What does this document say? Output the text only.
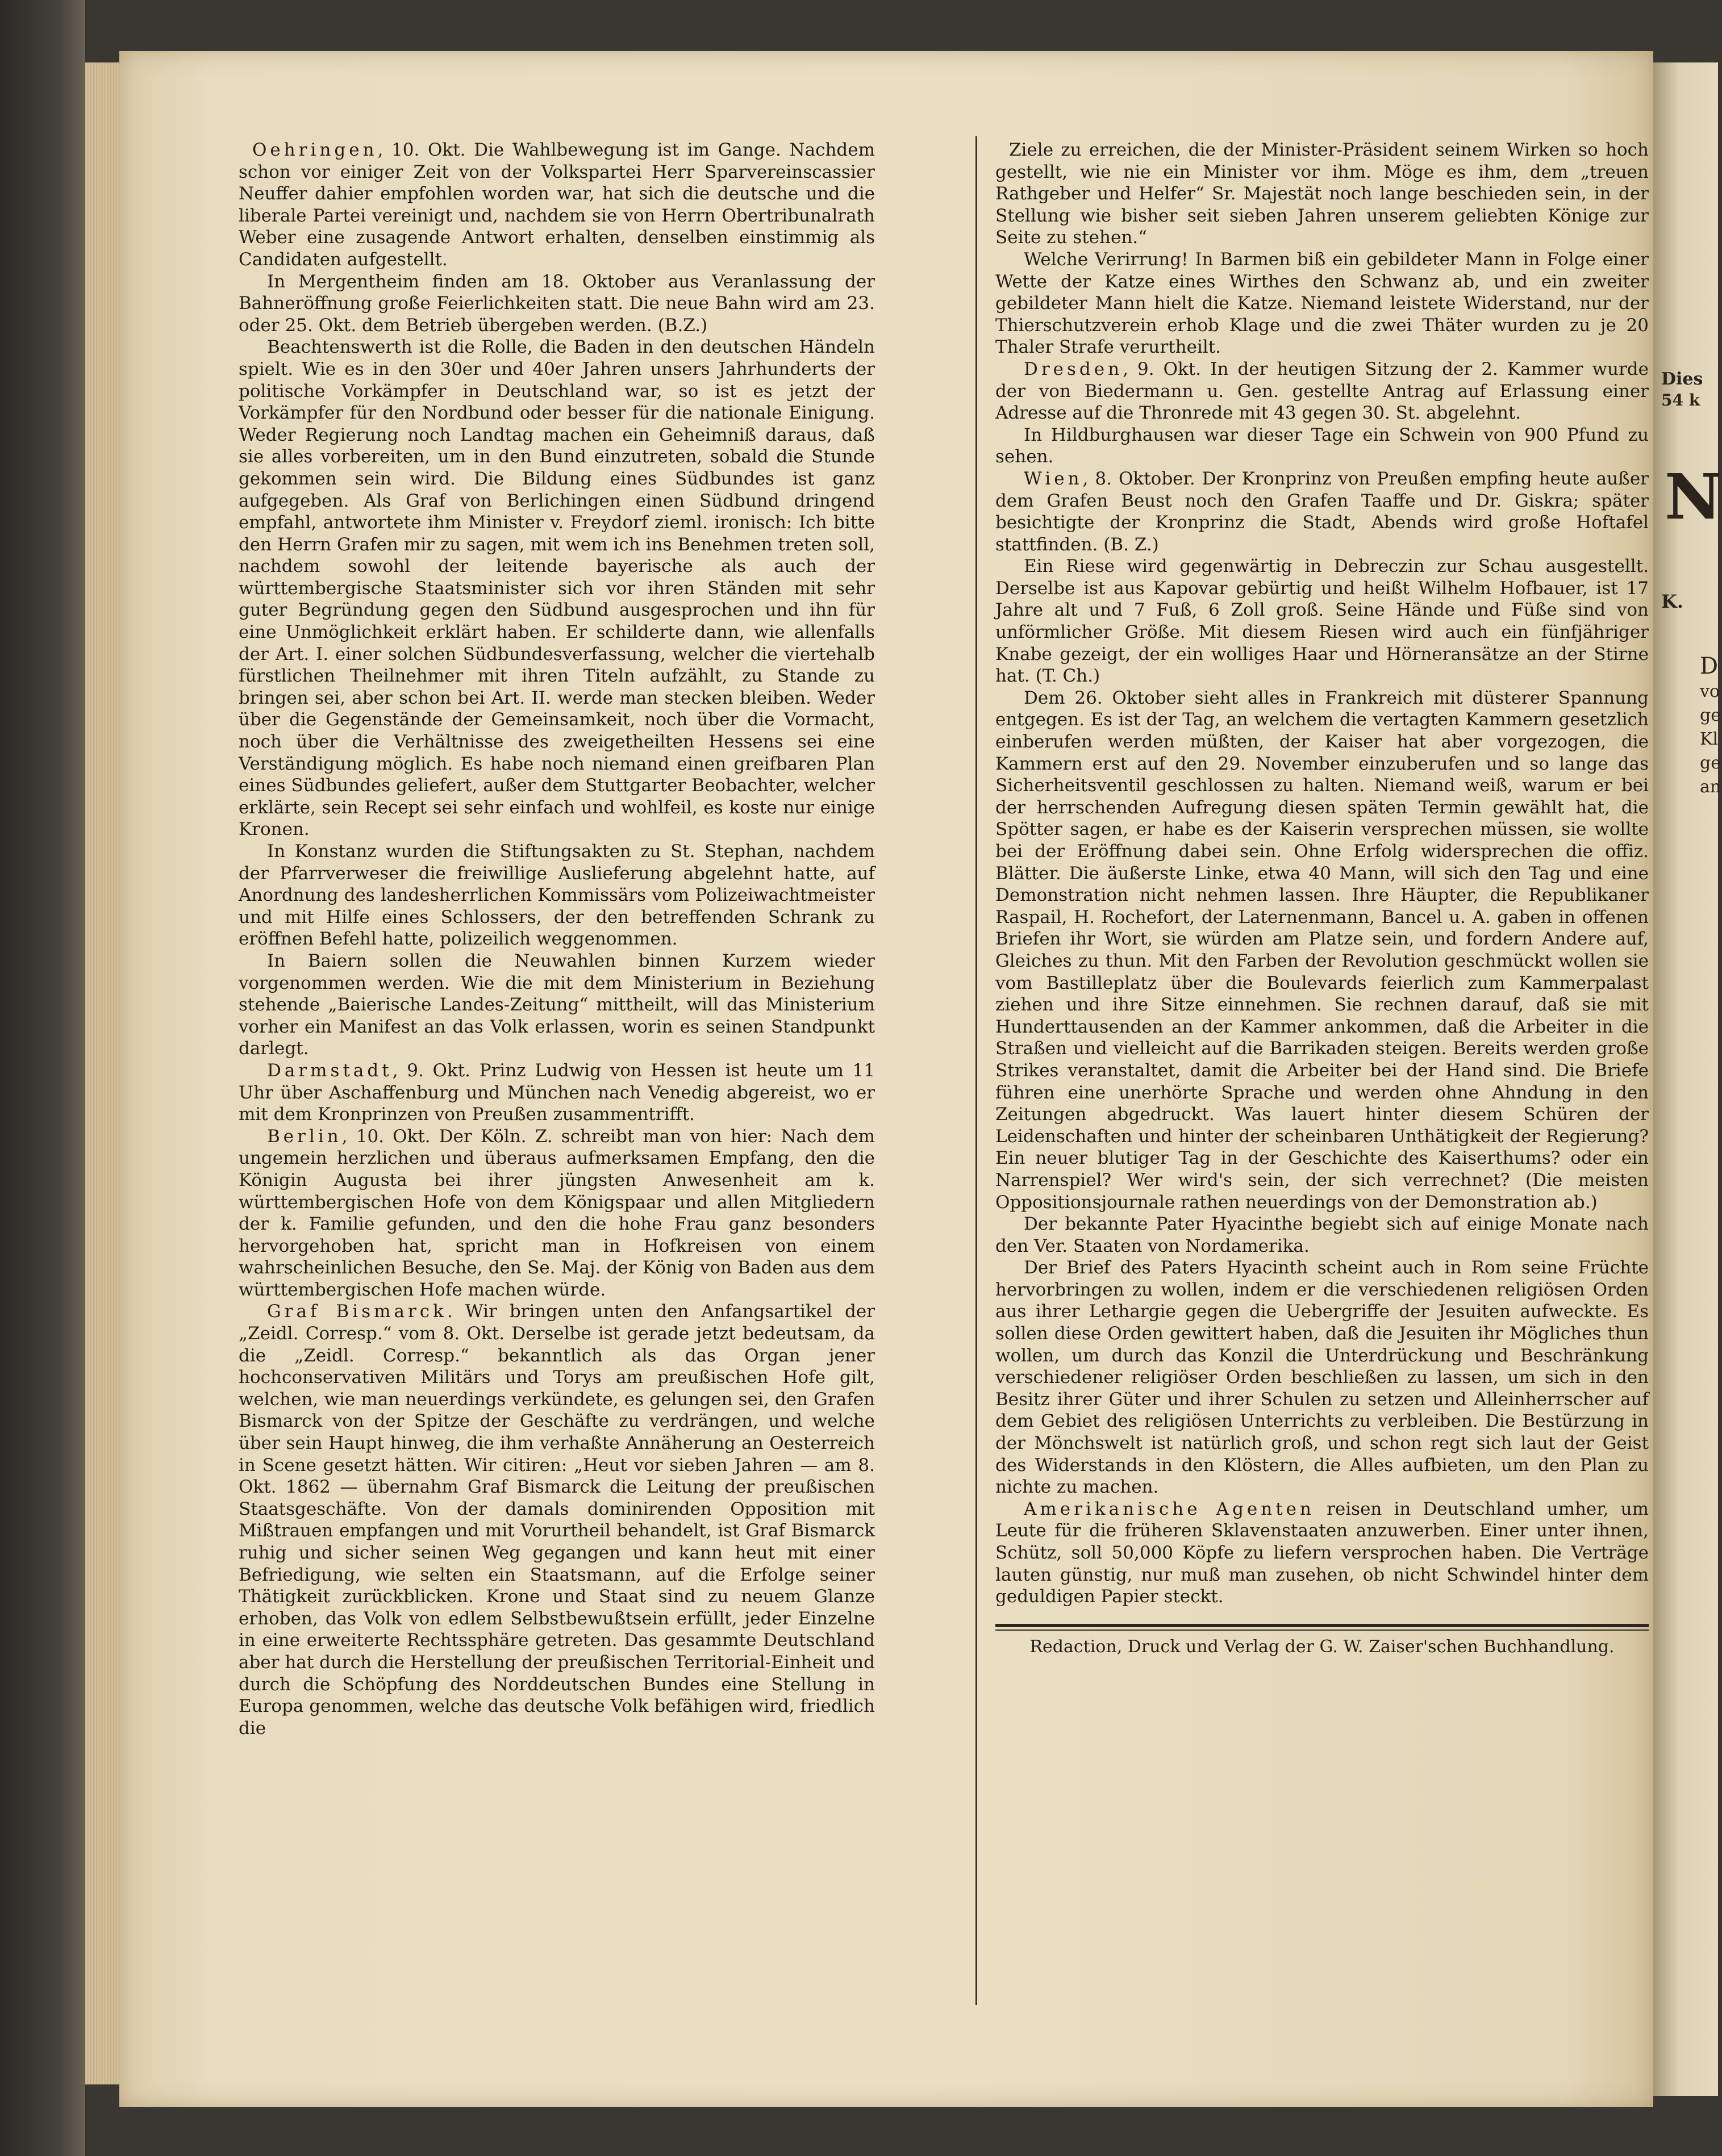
Oehringen, 10. Okt. Die Wahlbewegung ist im Gange. Nachdem schon vor einiger Zeit von der Volkspartei Herr Sparvereinscassier Neuffer dahier empfohlen worden war, hat sich die deutsche und die liberale Partei vereinigt und, nachdem sie von Herrn Obertribunalrath Weber eine zusagende Antwort erhalten, denselben einstimmig als Candidaten aufgestellt.

In Mergentheim finden am 18. Oktober aus Veranlassung der Bahneröffnung große Feierlichkeiten statt. Die neue Bahn wird am 23. oder 25. Okt. dem Betrieb übergeben werden. (B.Z.)

Beachtenswerth ist die Rolle, die Baden in den deutschen Händeln spielt. Wie es in den 30er und 40er Jahren unsers Jahrhunderts der politische Vorkämpfer in Deutschland war, so ist es jetzt der Vorkämpfer für den Nordbund oder besser für die nationale Einigung. Weder Regierung noch Landtag machen ein Geheimniß daraus, daß sie alles vorbereiten, um in den Bund einzutreten, sobald die Stunde gekommen sein wird. Die Bildung eines Südbundes ist ganz aufgegeben. Als Graf von Berlichingen einen Südbund dringend empfahl, antwortete ihm Minister v. Freydorf zieml. ironisch: Ich bitte den Herrn Grafen mir zu sagen, mit wem ich ins Benehmen treten soll, nachdem sowohl der leitende bayerische als auch der württembergische Staatsminister sich vor ihren Ständen mit sehr guter Begründung gegen den Südbund ausgesprochen und ihn für eine Unmöglichkeit erklärt haben. Er schilderte dann, wie allenfalls der Art. I. einer solchen Südbundesverfassung, welcher die viertehalb fürstlichen Theilnehmer mit ihren Titeln aufzählt, zu Stande zu bringen sei, aber schon bei Art. II. werde man stecken bleiben. Weder über die Gegenstände der Gemeinsamkeit, noch über die Vormacht, noch über die Verhältnisse des zweigetheilten Hessens sei eine Verständigung möglich. Es habe noch niemand einen greifbaren Plan eines Südbundes geliefert, außer dem Stuttgarter Beobachter, welcher erklärte, sein Recept sei sehr einfach und wohlfeil, es koste nur einige Kronen.

In Konstanz wurden die Stiftungsakten zu St. Stephan, nachdem der Pfarrverweser die freiwillige Auslieferung abgelehnt hatte, auf Anordnung des landesherrlichen Kommissärs vom Polizeiwachtmeister und mit Hilfe eines Schlossers, der den betreffenden Schrank zu eröffnen Befehl hatte, polizeilich weggenommen.

In Baiern sollen die Neuwahlen binnen Kurzem wieder vorgenommen werden. Wie die mit dem Ministerium in Beziehung stehende „Baierische Landes-Zeitung“ mittheilt, will das Ministerium vorher ein Manifest an das Volk erlassen, worin es seinen Standpunkt darlegt.

Darmstadt, 9. Okt. Prinz Ludwig von Hessen ist heute um 11 Uhr über Aschaffenburg und München nach Venedig abgereist, wo er mit dem Kronprinzen von Preußen zusammentrifft.

Berlin, 10. Okt. Der Köln. Z. schreibt man von hier: Nach dem ungemein herzlichen und überaus aufmerksamen Empfang, den die Königin Augusta bei ihrer jüngsten Anwesenheit am k. württembergischen Hofe von dem Königspaar und allen Mitgliedern der k. Familie gefunden, und den die hohe Frau ganz besonders hervorgehoben hat, spricht man in Hofkreisen von einem wahrscheinlichen Besuche, den Se. Maj. der König von Baden aus dem württembergischen Hofe machen würde.

Graf Bismarck. Wir bringen unten den Anfangsartikel der „Zeidl. Corresp.“ vom 8. Okt. Derselbe ist gerade jetzt bedeutsam, da die „Zeidl. Corresp.“ bekanntlich als das Organ jener hochconservativen Militärs und Torys am preußischen Hofe gilt, welchen, wie man neuerdings verkündete, es gelungen sei, den Grafen Bismarck von der Spitze der Geschäfte zu verdrängen, und welche über sein Haupt hinweg, die ihm verhaßte Annäherung an Oesterreich in Scene gesetzt hätten. Wir citiren: „Heut vor sieben Jahren — am 8. Okt. 1862 — übernahm Graf Bismarck die Leitung der preußischen Staatsgeschäfte. Von der damals dominirenden Opposition mit Mißtrauen empfangen und mit Vorurtheil behandelt, ist Graf Bismarck ruhig und sicher seinen Weg gegangen und kann heut mit einer Befriedigung, wie selten ein Staatsmann, auf die Erfolge seiner Thätigkeit zurückblicken. Krone und Staat sind zu neuem Glanze erhoben, das Volk von edlem Selbstbewußtsein erfüllt, jeder Einzelne in eine erweiterte Rechtssphäre getreten. Das gesammte Deutschland aber hat durch die Herstellung der preußischen Territorial-Einheit und durch die Schöpfung des Norddeutschen Bundes eine Stellung in Europa genommen, welche das deutsche Volk befähigen wird, friedlich die

Ziele zu erreichen, die der Minister-Präsident seinem Wirken so hoch gestellt, wie nie ein Minister vor ihm. Möge es ihm, dem „treuen Rathgeber und Helfer“ Sr. Majestät noch lange beschieden sein, in der Stellung wie bisher seit sieben Jahren unserem geliebten Könige zur Seite zu stehen.“

Welche Verirrung! In Barmen biß ein gebildeter Mann in Folge einer Wette der Katze eines Wirthes den Schwanz ab, und ein zweiter gebildeter Mann hielt die Katze. Niemand leistete Widerstand, nur der Thierschutzverein erhob Klage und die zwei Thäter wurden zu je 20 Thaler Strafe verurtheilt.

Dresden, 9. Okt. In der heutigen Sitzung der 2. Kammer wurde der von Biedermann u. Gen. gestellte Antrag auf Erlassung einer Adresse auf die Thronrede mit 43 gegen 30. St. abgelehnt.

In Hildburghausen war dieser Tage ein Schwein von 900 Pfund zu sehen.

Wien, 8. Oktober. Der Kronprinz von Preußen empfing heute außer dem Grafen Beust noch den Grafen Taaffe und Dr. Giskra; später besichtigte der Kronprinz die Stadt, Abends wird große Hoftafel stattfinden. (B. Z.)

Ein Riese wird gegenwärtig in Debreczin zur Schau ausgestellt. Derselbe ist aus Kapovar gebürtig und heißt Wilhelm Hofbauer, ist 17 Jahre alt und 7 Fuß, 6 Zoll groß. Seine Hände und Füße sind von unförmlicher Größe. Mit diesem Riesen wird auch ein fünfjähriger Knabe gezeigt, der ein wolliges Haar und Hörneransätze an der Stirne hat. (T. Ch.)

Dem 26. Oktober sieht alles in Frankreich mit düsterer Spannung entgegen. Es ist der Tag, an welchem die vertagten Kammern gesetzlich einberufen werden müßten, der Kaiser hat aber vorgezogen, die Kammern erst auf den 29. November einzuberufen und so lange das Sicherheitsventil geschlossen zu halten. Niemand weiß, warum er bei der herrschenden Aufregung diesen späten Termin gewählt hat, die Spötter sagen, er habe es der Kaiserin versprechen müssen, sie wollte bei der Eröffnung dabei sein. Ohne Erfolg widersprechen die offiz. Blätter. Die äußerste Linke, etwa 40 Mann, will sich den Tag und eine Demonstration nicht nehmen lassen. Ihre Häupter, die Republikaner Raspail, H. Rochefort, der Laternenmann, Bancel u. A. gaben in offenen Briefen ihr Wort, sie würden am Platze sein, und fordern Andere auf, Gleiches zu thun. Mit den Farben der Revolution geschmückt wollen sie vom Bastilleplatz über die Boulevards feierlich zum Kammerpalast ziehen und ihre Sitze einnehmen. Sie rechnen darauf, daß sie mit Hunderttausenden an der Kammer ankommen, daß die Arbeiter in die Straßen und vielleicht auf die Barrikaden steigen. Bereits werden große Strikes veranstaltet, damit die Arbeiter bei der Hand sind. Die Briefe führen eine unerhörte Sprache und werden ohne Ahndung in den Zeitungen abgedruckt. Was lauert hinter diesem Schüren der Leidenschaften und hinter der scheinbaren Unthätigkeit der Regierung? Ein neuer blutiger Tag in der Geschichte des Kaiserthums? oder ein Narrenspiel? Wer wird's sein, der sich verrechnet? (Die meisten Oppositionsjournale rathen neuerdings von der Demonstration ab.)

Der bekannte Pater Hyacinthe begiebt sich auf einige Monate nach den Ver. Staaten von Nordamerika.

Der Brief des Paters Hyacinth scheint auch in Rom seine Früchte hervorbringen zu wollen, indem er die verschiedenen religiösen Orden aus ihrer Lethargie gegen die Uebergriffe der Jesuiten aufweckte. Es sollen diese Orden gewittert haben, daß die Jesuiten ihr Mögliches thun wollen, um durch das Konzil die Unterdrückung und Beschränkung verschiedener religiöser Orden beschließen zu lassen, um sich in den Besitz ihrer Güter und ihrer Schulen zu setzen und Alleinherrscher auf dem Gebiet des religiösen Unterrichts zu verbleiben. Die Bestürzung in der Mönchswelt ist natürlich groß, und schon regt sich laut der Geist des Widerstands in den Klöstern, die Alles aufbieten, um den Plan zu nichte zu machen.

Amerikanische Agenten reisen in Deutschland umher, um Leute für die früheren Sklavenstaaten anzuwerben. Einer unter ihnen, Schütz, soll 50,000 Köpfe zu liefern versprochen haben. Die Verträge lauten günstig, nur muß man zusehen, ob nicht Schwindel hinter dem geduldigen Papier steckt.

Redaction, Druck und Verlag der G. W. Zaiser'schen Buchhandlung.

Dies
54 k
N
K.
D
vo
ge
Kl
ge
an
